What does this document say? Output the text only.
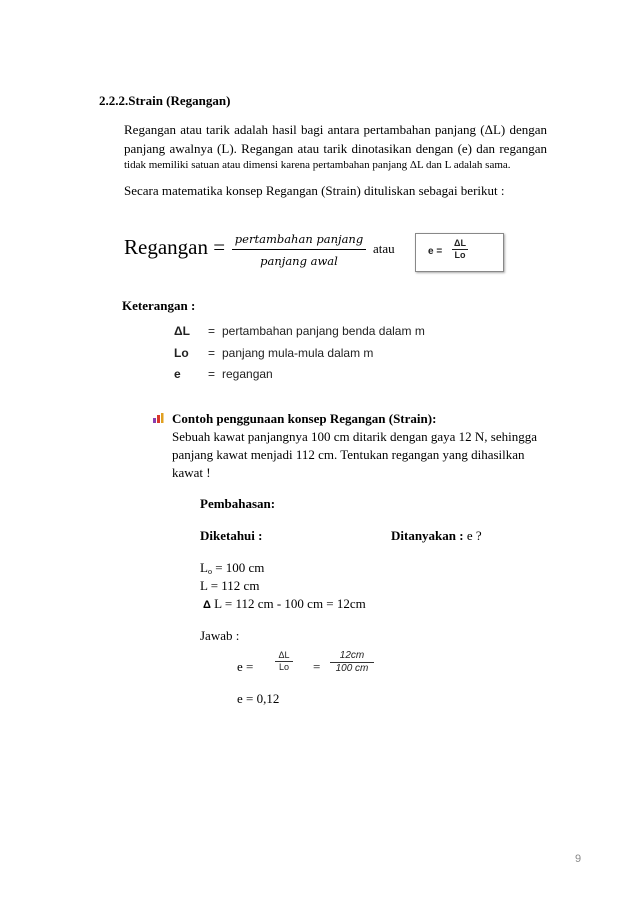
2.2.2.Strain (Regangan)
Regangan atau tarik adalah hasil bagi antara pertambahan panjang (ΔL) dengan
panjang awalnya (L). Regangan atau tarik dinotasikan dengan (e) dan regangan
tidak memiliki satuan atau dimensi karena pertambahan panjang ΔL dan L adalah sama.
Secara matematika konsep Regangan (Strain) dituliskan sebagai berikut :
Regangan = pertambahan panjang
panjang awal
atau	$e = \frac{\Delta L}{Lo}$
Keterangan :
ΔL = pertambahan panjang benda dalam m
Lo = panjang mula-mula dalam m
e = regangan
Contoh penggunaan konsep Regangan (Strain):
Sebuah kawat panjangnya 100 cm ditarik dengan gaya 12 N, sehingga
panjang kawat menjadi 112 cm. Tentukan regangan yang dihasilkan
kawat !
Pembahasan:
Diketahui :	Ditanyakan : e ?
$L_o = 100$ cm
L = 112 cm
Δ L = 112 cm - 100 cm = 12cm
Jawab :
$e = \frac{\Delta L}{Lo} = \frac{12cm}{100 cm}$
e = 0,12
9
